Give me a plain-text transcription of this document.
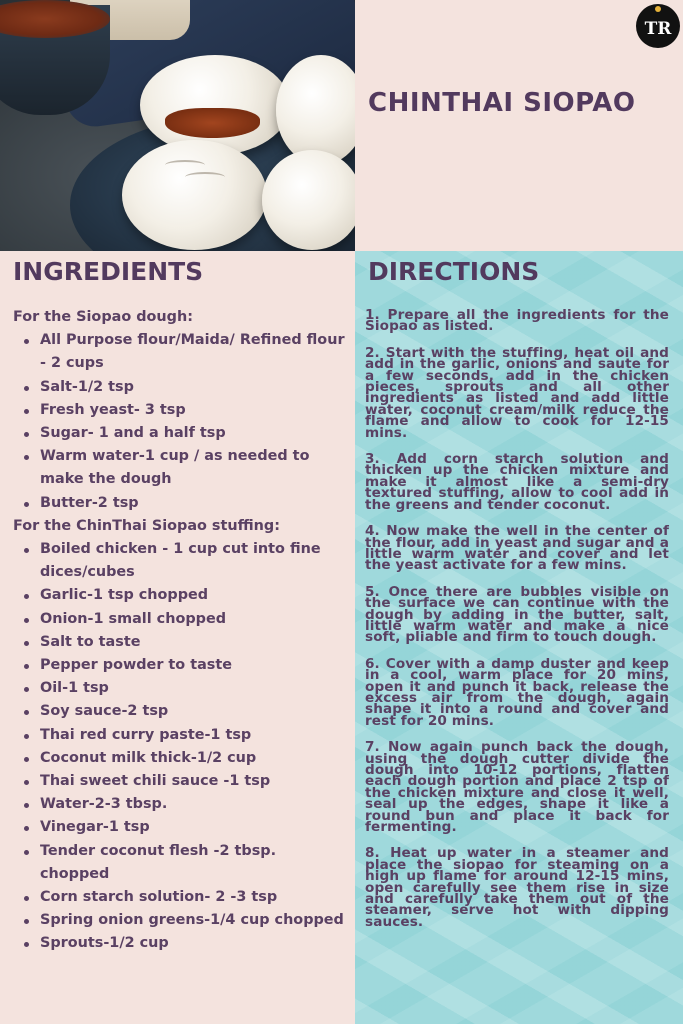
CHINTHAI SIOPAO
TR
INGREDIENTS

For the Siopao dough:

All Purpose flour/Maida/ Refined flour - 2 cups
Salt-1/2 tsp
Fresh yeast- 3 tsp
Sugar- 1 and a half tsp
Warm water-1 cup / as needed to make the dough
Butter-2 tsp

For the ChinThai Siopao stuffing:

Boiled chicken - 1 cup cut into fine dices/cubes
Garlic-1 tsp chopped
Onion-1 small chopped
Salt to taste
Pepper powder to taste
Oil-1 tsp
Soy sauce-2 tsp
Thai red curry paste-1 tsp
Coconut milk thick-1/2 cup
Thai sweet chili sauce -1 tsp
Water-2-3 tbsp.
Vinegar-1 tsp
Tender coconut flesh -2 tbsp. chopped
Corn starch solution- 2 -3 tsp
Spring onion greens-1/4 cup chopped
Sprouts-1/2 cup
DIRECTIONS

1. Prepare all the ingredients for the Siopao as listed.

2. Start with the stuffing, heat oil and add in the garlic, onions and saute for a few seconds, add in the chicken pieces, sprouts and all other ingredients as listed and add little water, coconut cream/milk reduce the flame and allow to cook for 12-15 mins.

3. Add corn starch solution and thicken up the chicken mixture and make it almost like a semi-dry textured stuffing, allow to cool add in the greens and tender coconut.

4. Now make the well in the center of the flour, add in yeast and sugar and a little warm water and cover and let the yeast activate for a few mins.

5. Once there are bubbles visible on the surface we can continue with the dough by adding in the butter, salt, little warm water and make a nice soft, pliable and firm to touch dough.

6. Cover with a damp duster and keep in a cool, warm place for 20 mins, open it and punch it back, release the excess air from the dough, again shape it into a round and cover and rest for 20 mins.

7. Now again punch back the dough, using the dough cutter divide the dough into 10-12 portions, flatten each dough portion and place 2 tsp of the chicken mixture and close it well, seal up the edges, shape it like a round bun and place it back for fermenting.

8. Heat up water in a steamer and place the siopao for steaming on a high up flame for around 12-15 mins, open carefully see them rise in size and carefully take them out of the steamer, serve hot with dipping sauces.
